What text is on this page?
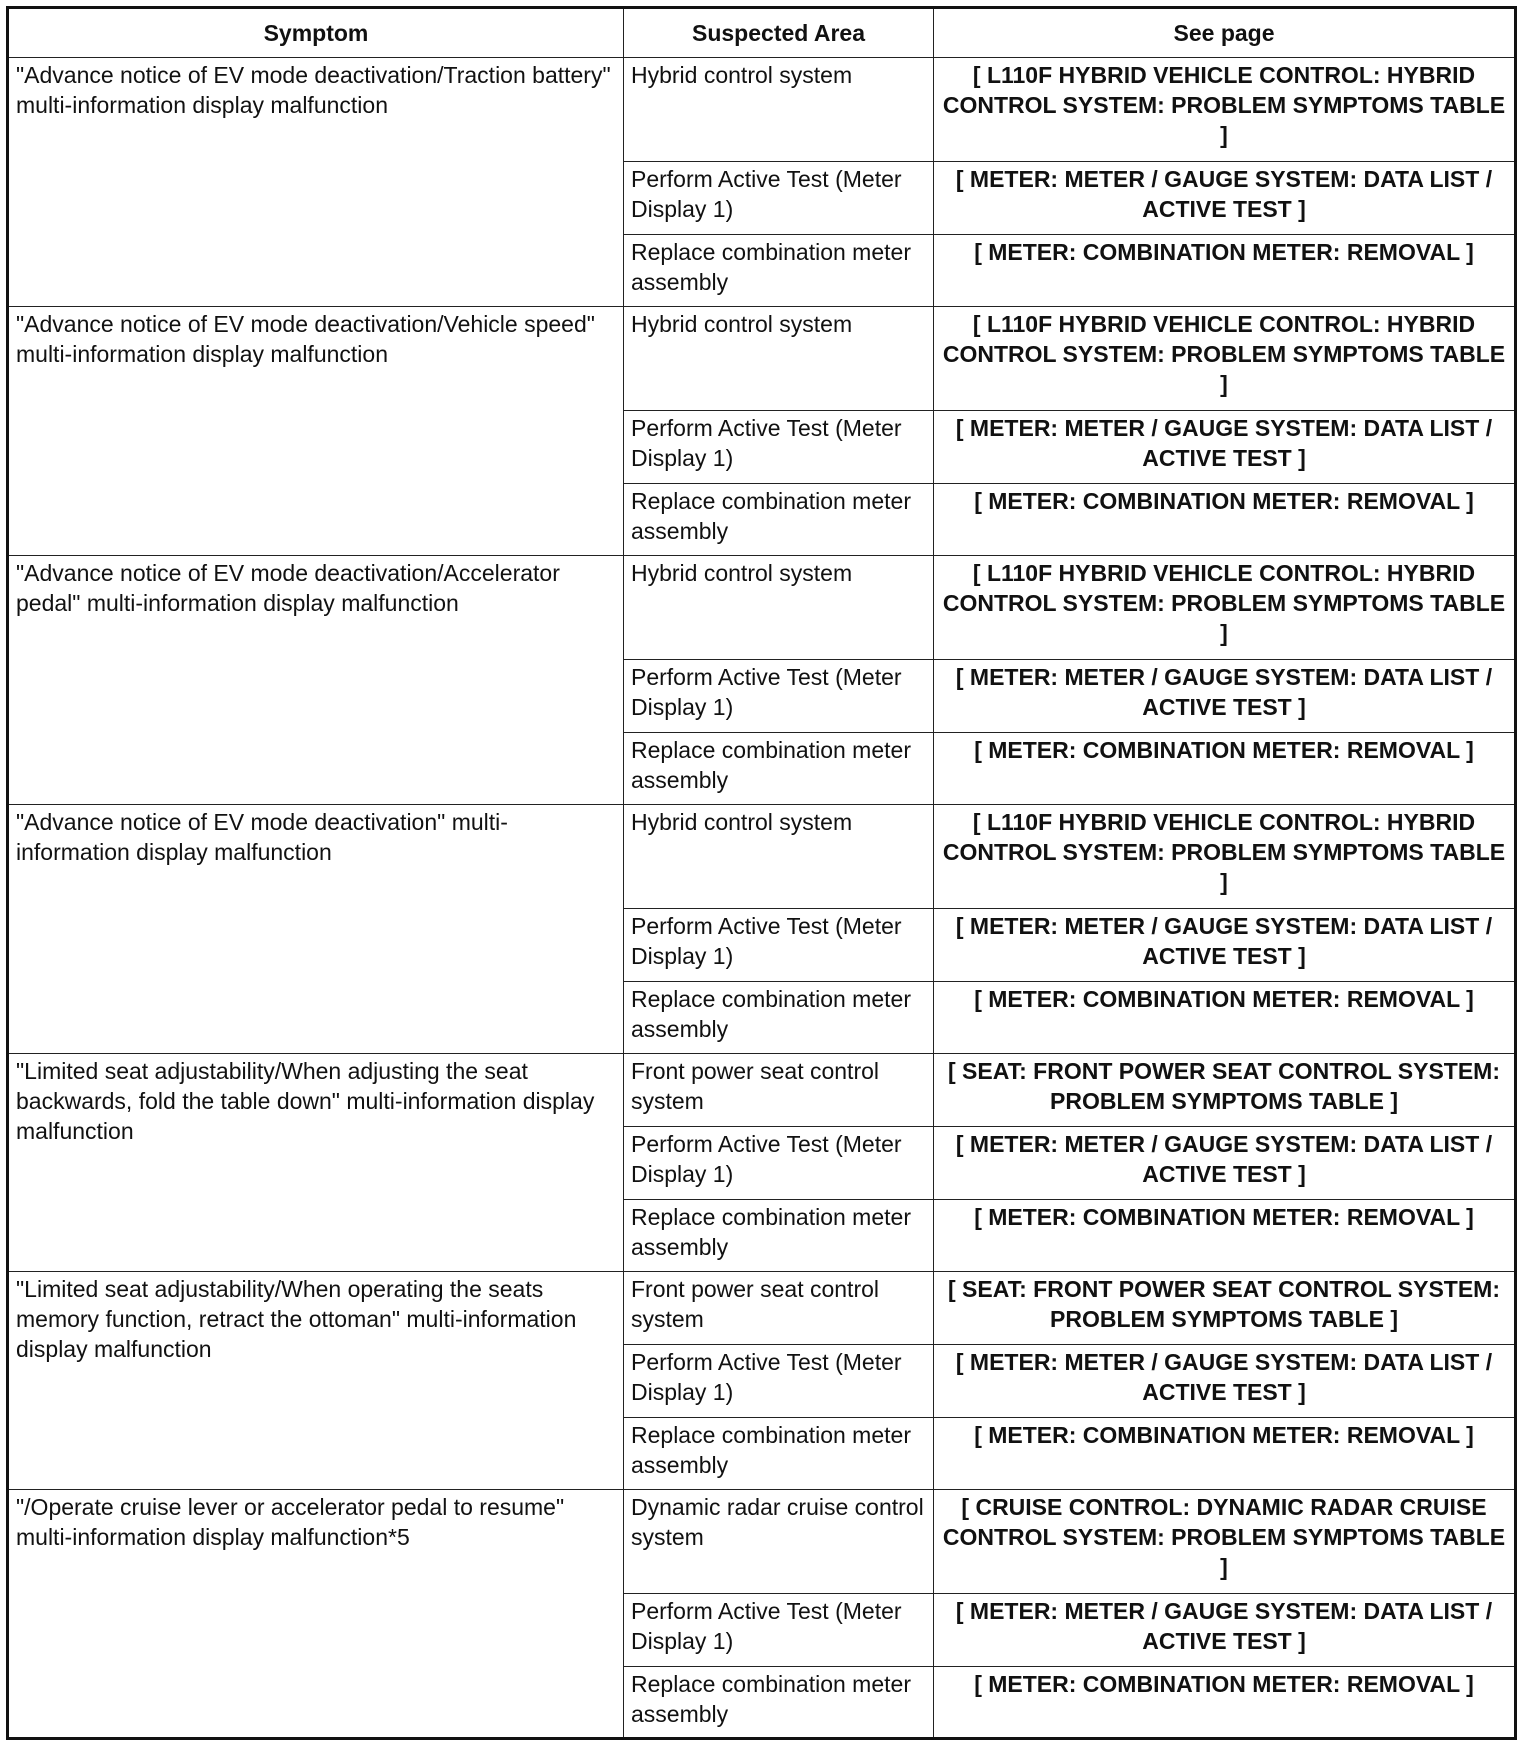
Symptom	Suspected Area	See page
"Advance notice of EV mode deactivation/Traction battery" multi-information display malfunction	Hybrid control system	[ L110F HYBRID VEHICLE CONTROL: HYBRID CONTROL SYSTEM: PROBLEM SYMPTOMS TABLE ]
	Perform Active Test (Meter Display 1)	[ METER: METER / GAUGE SYSTEM: DATA LIST / ACTIVE TEST ]
	Replace combination meter assembly	[ METER: COMBINATION METER: REMOVAL ]
"Advance notice of EV mode deactivation/Vehicle speed" multi-information display malfunction	Hybrid control system	[ L110F HYBRID VEHICLE CONTROL: HYBRID CONTROL SYSTEM: PROBLEM SYMPTOMS TABLE ]
	Perform Active Test (Meter Display 1)	[ METER: METER / GAUGE SYSTEM: DATA LIST / ACTIVE TEST ]
	Replace combination meter assembly	[ METER: COMBINATION METER: REMOVAL ]
"Advance notice of EV mode deactivation/Accelerator pedal" multi-information display malfunction	Hybrid control system	[ L110F HYBRID VEHICLE CONTROL: HYBRID CONTROL SYSTEM: PROBLEM SYMPTOMS TABLE ]
	Perform Active Test (Meter Display 1)	[ METER: METER / GAUGE SYSTEM: DATA LIST / ACTIVE TEST ]
	Replace combination meter assembly	[ METER: COMBINATION METER: REMOVAL ]
"Advance notice of EV mode deactivation" multi-information display malfunction	Hybrid control system	[ L110F HYBRID VEHICLE CONTROL: HYBRID CONTROL SYSTEM: PROBLEM SYMPTOMS TABLE ]
	Perform Active Test (Meter Display 1)	[ METER: METER / GAUGE SYSTEM: DATA LIST / ACTIVE TEST ]
	Replace combination meter assembly	[ METER: COMBINATION METER: REMOVAL ]
"Limited seat adjustability/When adjusting the seat backwards, fold the table down" multi-information display malfunction	Front power seat control system	[ SEAT: FRONT POWER SEAT CONTROL SYSTEM: PROBLEM SYMPTOMS TABLE ]
	Perform Active Test (Meter Display 1)	[ METER: METER / GAUGE SYSTEM: DATA LIST / ACTIVE TEST ]
	Replace combination meter assembly	[ METER: COMBINATION METER: REMOVAL ]
"Limited seat adjustability/When operating the seats memory function, retract the ottoman" multi-information display malfunction	Front power seat control system	[ SEAT: FRONT POWER SEAT CONTROL SYSTEM: PROBLEM SYMPTOMS TABLE ]
	Perform Active Test (Meter Display 1)	[ METER: METER / GAUGE SYSTEM: DATA LIST / ACTIVE TEST ]
	Replace combination meter assembly	[ METER: COMBINATION METER: REMOVAL ]
"/Operate cruise lever or accelerator pedal to resume" multi-information display malfunction*5	Dynamic radar cruise control system	[ CRUISE CONTROL: DYNAMIC RADAR CRUISE CONTROL SYSTEM: PROBLEM SYMPTOMS TABLE ]
	Perform Active Test (Meter Display 1)	[ METER: METER / GAUGE SYSTEM: DATA LIST / ACTIVE TEST ]
	Replace combination meter assembly	[ METER: COMBINATION METER: REMOVAL ]
